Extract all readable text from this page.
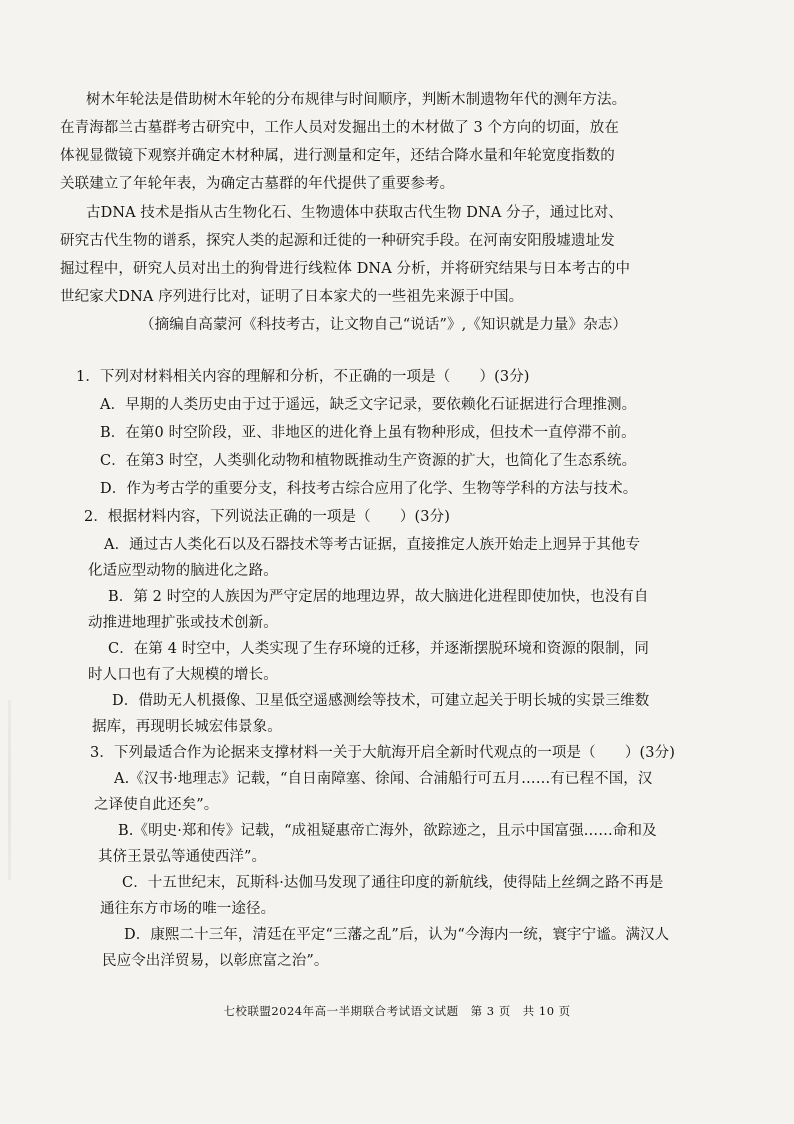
树木年轮法是借助树木年轮的分布规律与时间顺序，判断木制遗物年代的测年方法。
在青海都兰古墓群考古研究中，工作人员对发掘出土的木材做了 3 个方向的切面，放在
体视显微镜下观察并确定木材种属，进行测量和定年，还结合降水量和年轮宽度指数的
关联建立了年轮年表，为确定古墓群的年代提供了重要参考。
古DNA 技术是指从古生物化石、生物遗体中获取古代生物 DNA 分子，通过比对、
研究古代生物的谱系，探究人类的起源和迁徙的一种研究手段。在河南安阳殷墟遗址发
掘过程中，研究人员对出土的狗骨进行线粒体 DNA 分析，并将研究结果与日本考古的中
世纪家犬DNA 序列进行比对，证明了日本家犬的一些祖先来源于中国。
（摘编自高蒙河《科技考古，让文物自己“说话”》,《知识就是力量》杂志）
1．下列对材料相关内容的理解和分析，不正确的一项是（　　）(3分)
A．早期的人类历史由于过于遥远，缺乏文字记录，要依赖化石证据进行合理推测。
B．在第0 时空阶段，亚、非地区的进化脊上虽有物种形成，但技术一直停滞不前。
C．在第3 时空，人类驯化动物和植物既推动生产资源的扩大，也简化了生态系统。
D．作为考古学的重要分支，科技考古综合应用了化学、生物等学科的方法与技术。
2．根据材料内容，下列说法正确的一项是（　　）(3分)
A．通过古人类化石以及石器技术等考古证据，直接推定人族开始走上迥异于其他专
化适应型动物的脑进化之路。
B．第 2 时空的人族因为严守定居的地理边界，故大脑进化进程即使加快，也没有自
动推进地理扩张或技术创新。
C．在第 4 时空中，人类实现了生存环境的迁移，并逐渐摆脱环境和资源的限制，同
时人口也有了大规模的增长。
D．借助无人机摄像、卫星低空遥感测绘等技术，可建立起关于明长城的实景三维数
据库，再现明长城宏伟景象。
3．下列最适合作为论据来支撑材料一关于大航海开启全新时代观点的一项是（　　）(3分)
A.《汉书·地理志》记载，“自日南障塞、徐闻、合浦船行可五月……有已程不国，汉
之译使自此还矣”。
B.《明史·郑和传》记载，“成祖疑惠帝亡海外，欲踪迹之，且示中国富强……命和及
其侪王景弘等通使西洋”。
C．十五世纪末，瓦斯科·达伽马发现了通往印度的新航线，使得陆上丝绸之路不再是
通往东方市场的唯一途径。
D．康熙二十三年，清廷在平定“三藩之乱”后，认为“今海内一统，寰宇宁谧。满汉人
民应令出洋贸易，以彰庶富之治”。
七校联盟2024年高一半期联合考试语文试题　第 3 页　共 10 页
